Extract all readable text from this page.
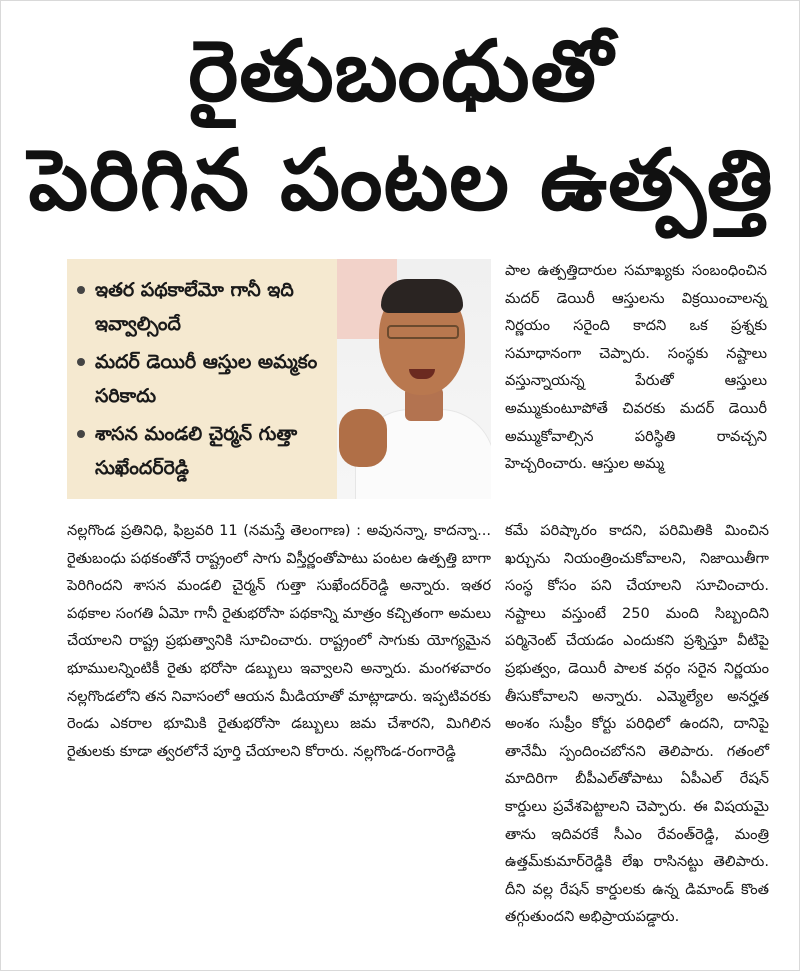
రైతుబంధుతో
పెరిగిన పంటల ఉత్పత్తి
ఇతర పథకాలేమో గానీ ఇది ఇవ్వాల్సిందే
మదర్‌ డెయిరీ ఆస్తుల అమ్మకం సరికాదు
శాసన మండలి చైర్మన్‌ గుత్తా సుఖేందర్‌రెడ్డి

పాల ఉత్పత్తిదారుల సమాఖ్యకు సంబంధించిన మదర్‌ డెయిరీ ఆస్తులను విక్రయించాలన్న నిర్ణయం సరైంది కాదని ఒక ప్రశ్నకు సమాధానంగా చెప్పారు. సంస్థకు నష్టాలు వస్తున్నాయన్న పేరుతో ఆస్తులు అమ్ముకుంటూపోతే చివరకు మదర్‌ డెయిరీ అమ్ముకోవాల్సిన పరిస్థితి రావచ్చని హెచ్చరించారు. ఆస్తుల అమ్మ

నల్లగొండ ప్రతినిధి, ఫిబ్రవరి 11 (నమస్తే తెలంగాణ) : అవునన్నా, కాదన్నా... రైతుబంధు పథకంతోనే రాష్ట్రంలో సాగు విస్తీర్ణంతోపాటు పంటల ఉత్పత్తి బాగా పెరిగిందని శాసన మండలి చైర్మన్‌ గుత్తా సుఖేందర్‌రెడ్డి అన్నారు. ఇతర పథకాల సంగతి ఏమో గానీ రైతుభరోసా పథకాన్ని మాత్రం కచ్చితంగా అమలు చేయాలని రాష్ట్ర ప్రభుత్వానికి సూచించారు. రాష్ట్రంలో సాగుకు యోగ్యమైన భూములన్నింటికీ రైతు భరోసా డబ్బులు ఇవ్వాలని అన్నారు. మంగళవారం నల్లగొండలోని తన నివాసంలో ఆయన మీడియాతో మాట్లాడారు. ఇప్పటివరకు రెండు ఎకరాల భూమికి రైతుభరోసా డబ్బులు జమ చేశారని, మిగిలిన రైతులకు కూడా త్వరలోనే పూర్తి చేయాలని కోరారు. నల్లగొండ-రంగారెడ్డి

కమే పరిష్కారం కాదని, పరిమితికి మించిన ఖర్చును నియంత్రించుకోవాలని, నిజాయితీగా సంస్థ కోసం పని చేయాలని సూచించారు. నష్టాలు వస్తుంటే 250 మంది సిబ్బందిని పర్మినెంట్‌ చేయడం ఎందుకని ప్రశ్నిస్తూ వీటిపై ప్రభుత్వం, డెయిరీ పాలక వర్గం సరైన నిర్ణయం తీసుకోవాలని అన్నారు. ఎమ్మెల్యేల అనర్హత అంశం సుప్రీం కోర్టు పరిధిలో ఉందని, దానిపై తానేమీ స్పందించబోనని తెలిపారు. గతంలో మాదిరిగా బీపీఎల్‌తోపాటు ఏపీఎల్‌ రేషన్‌ కార్డులు ప్రవేశపెట్టాలని చెప్పారు. ఈ విషయమై తాను ఇదివరకే సీఎం రేవంత్‌రెడ్డి, మంత్రి ఉత్తమ్‌కుమార్‌రెడ్డికి లేఖ రాసినట్టు తెలిపారు. దీని వల్ల రేషన్‌ కార్డులకు ఉన్న డిమాండ్‌ కొంత తగ్గుతుందని అభిప్రాయపడ్డారు.
